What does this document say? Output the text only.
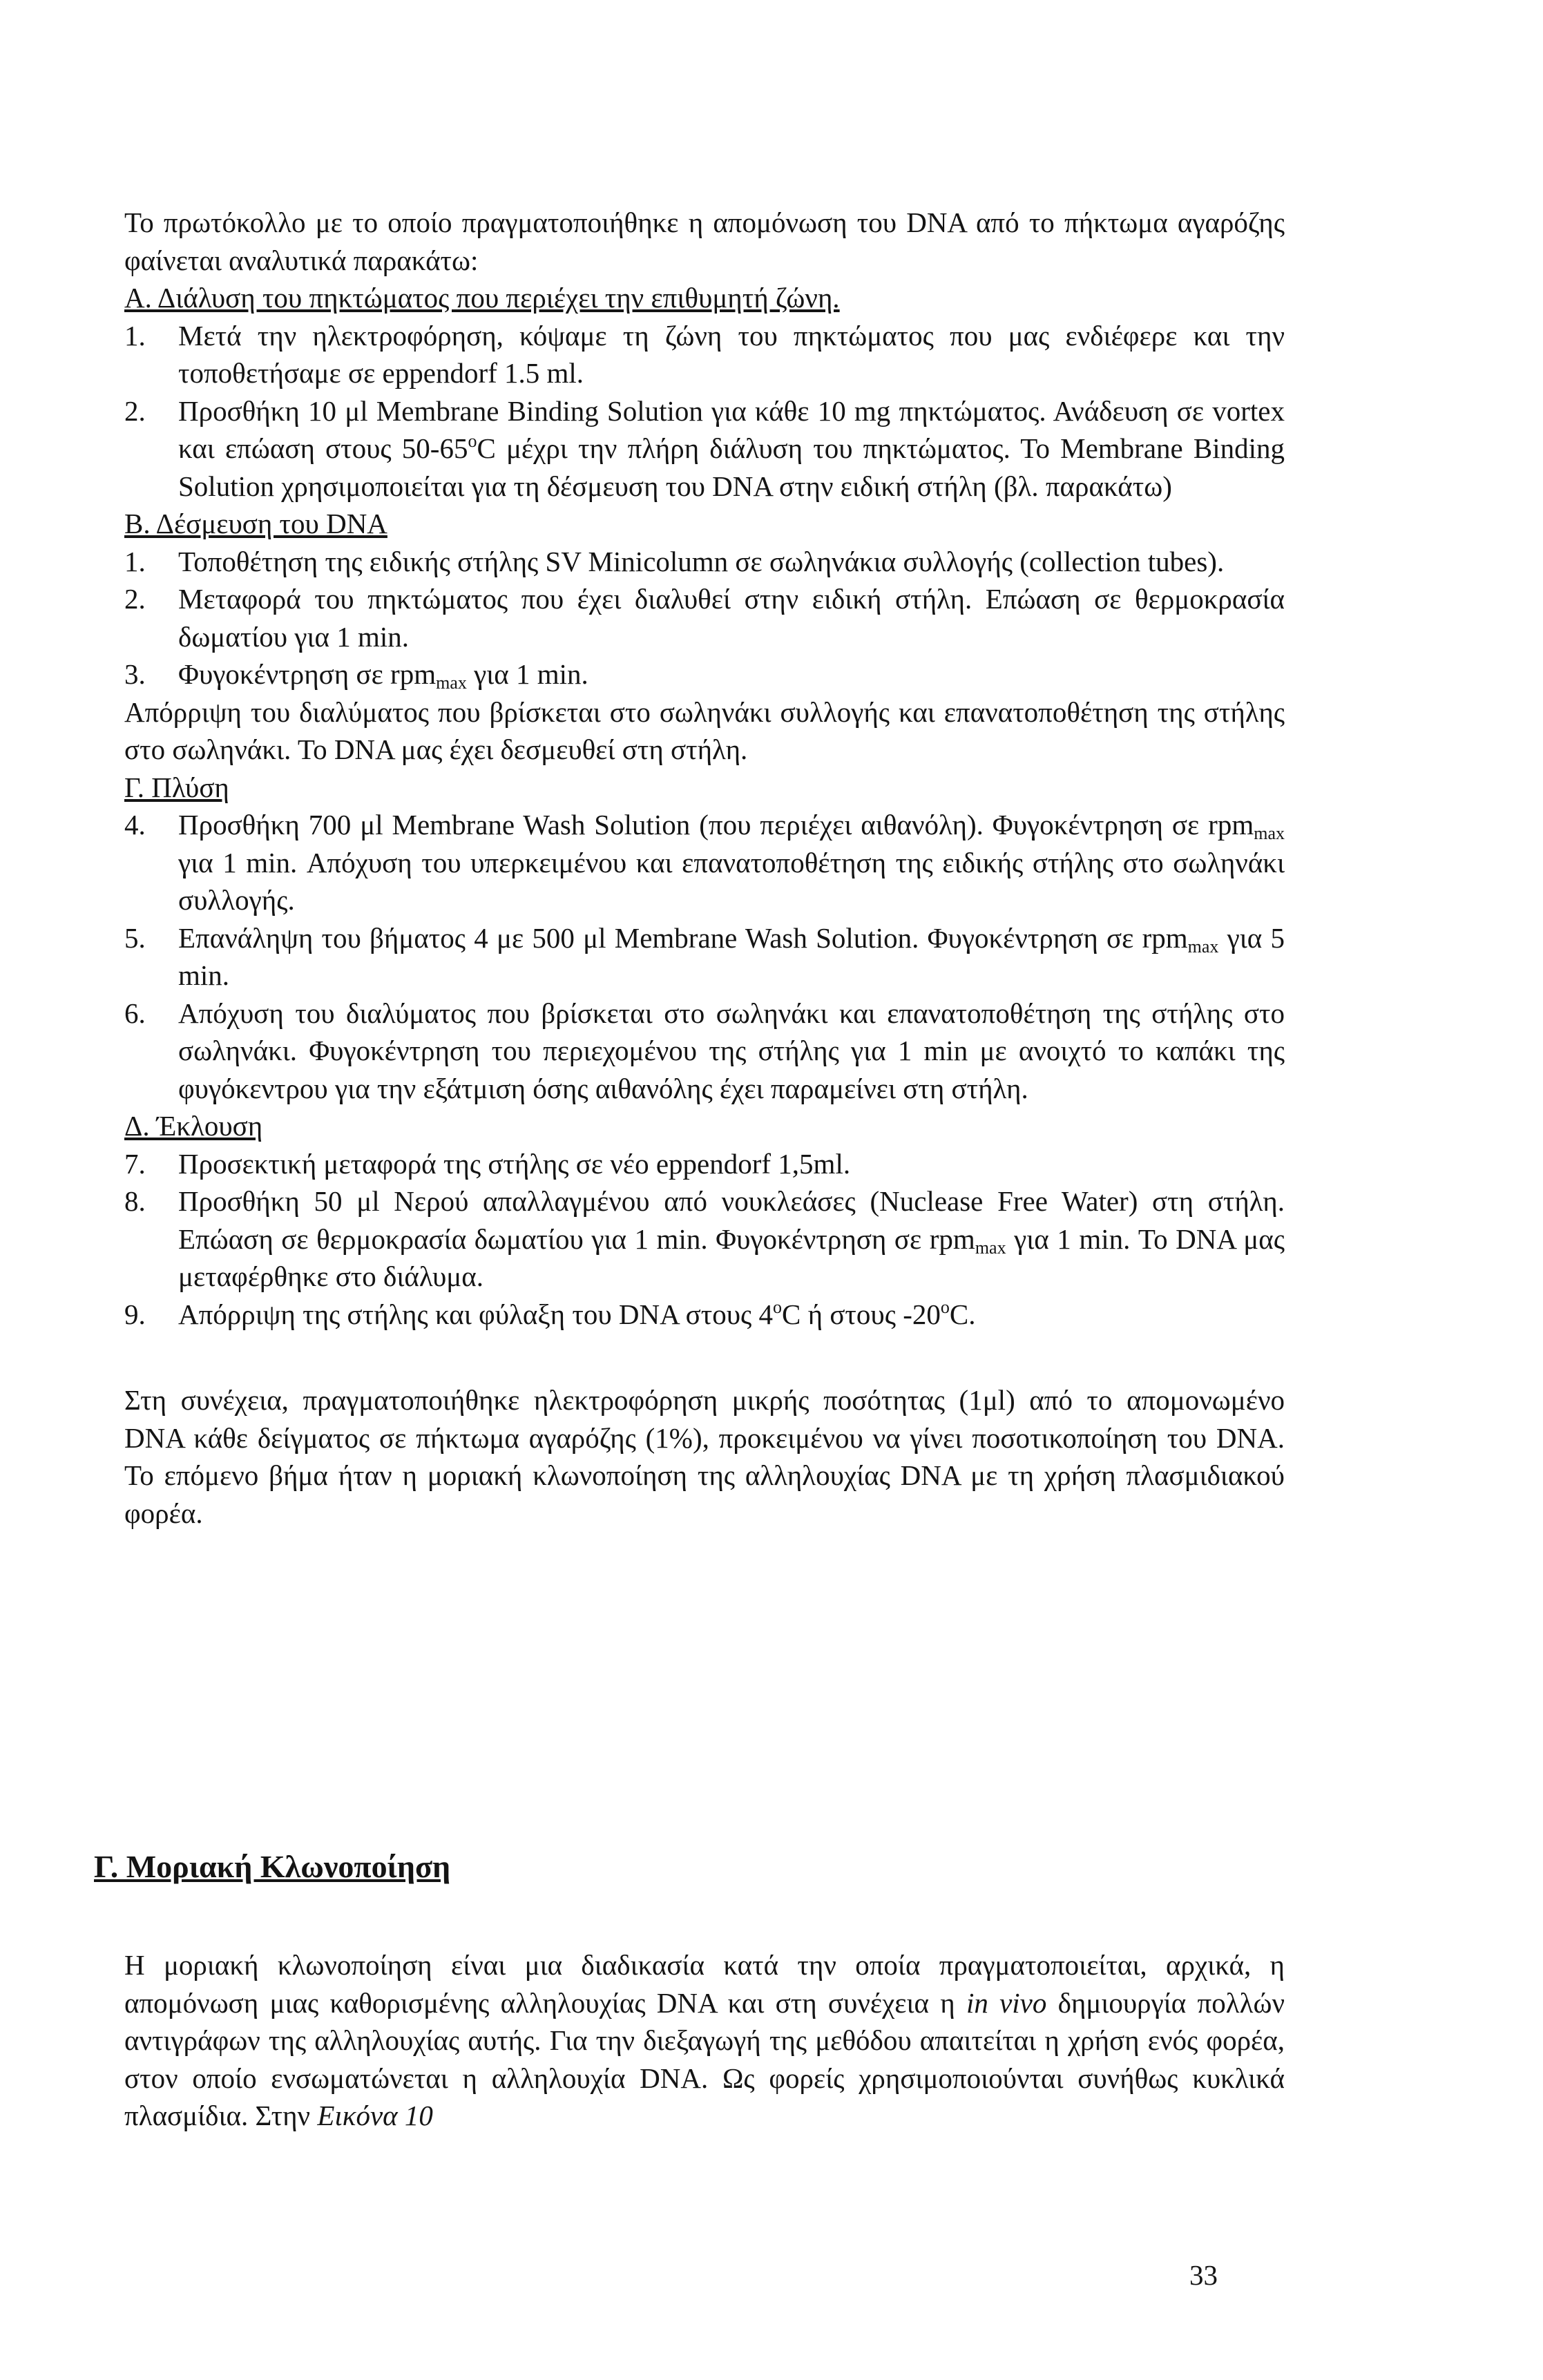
Το πρωτόκολλο με το οποίο πραγματοποιήθηκε η απομόνωση του DNA από το πήκτωμα αγαρόζης φαίνεται αναλυτικά παρακάτω:

Α. Διάλυση του πηκτώματος που περιέχει την επιθυμητή ζώνη.

1.	Μετά την ηλεκτροφόρηση, κόψαμε τη ζώνη του πηκτώματος που μας ενδιέφερε και την τοποθετήσαμε σε eppendorf 1.5 ml.
2.	Προσθήκη 10 μl Membrane Binding Solution για κάθε 10 mg πηκτώματος. Ανάδευση σε vortex και επώαση στους 50-65$^o$C μέχρι την πλήρη διάλυση του πηκτώματος. Το Membrane Binding Solution χρησιμοποιείται για τη δέσμευση του DNA στην ειδική στήλη (βλ. παρακάτω)

Β. Δέσμευση του DNA

1.	Τοποθέτηση της ειδικής στήλης SV Minicolumn σε σωληνάκια συλλογής (collection tubes).
2.	Μεταφορά του πηκτώματος που έχει διαλυθεί στην ειδική στήλη. Επώαση σε θερμοκρασία δωματίου για 1 min.
3.	Φυγοκέντρηση σε rpm$_{max}$ για 1 min.

Απόρριψη του διαλύματος που βρίσκεται στο σωληνάκι συλλογής και επανατοποθέτηση της στήλης στο σωληνάκι. Το DNA μας έχει δεσμευθεί στη στήλη.

Γ. Πλύση

4.	Προσθήκη 700 μl Membrane Wash Solution (που περιέχει αιθανόλη). Φυγοκέντρηση σε rpm$_{max}$ για 1 min. Απόχυση του υπερκειμένου και επανατοποθέτηση της ειδικής στήλης στο σωληνάκι συλλογής.
5.	Επανάληψη του βήματος 4 με 500 μl Membrane Wash Solution. Φυγοκέντρηση σε rpm$_{max}$ για 5 min.
6.	Απόχυση του διαλύματος που βρίσκεται στο σωληνάκι και επανατοποθέτηση της στήλης στο σωληνάκι. Φυγοκέντρηση του περιεχομένου της στήλης για 1 min με ανοιχτό το καπάκι της φυγόκεντρου για την εξάτμιση όσης αιθανόλης έχει παραμείνει στη στήλη.

Δ. Έκλουση

7.	Προσεκτική μεταφορά της στήλης σε νέο eppendorf 1,5ml.
8.	Προσθήκη 50 μl Νερού απαλλαγμένου από νουκλεάσες (Nuclease Free Water) στη στήλη. Επώαση σε θερμοκρασία δωματίου για 1 min. Φυγοκέντρηση σε rpm$_{max}$ για 1 min. Το DNA μας μεταφέρθηκε στο διάλυμα.
9.	Απόρριψη της στήλης και φύλαξη του DNA στους 4$^o$C ή στους -20$^o$C.
Στη συνέχεια, πραγματοποιήθηκε ηλεκτροφόρηση μικρής ποσότητας (1μl) από το απομονωμένο DNA κάθε δείγματος σε πήκτωμα αγαρόζης (1%), προκειμένου να γίνει ποσοτικοποίηση του DNA. Το επόμενο βήμα ήταν η μοριακή κλωνοποίηση της αλληλουχίας DNA με τη χρήση πλασμιδιακού φορέα.
Γ. Μοριακή Κλωνοποίηση
Η μοριακή κλωνοποίηση είναι μια διαδικασία κατά την οποία πραγματοποιείται, αρχικά, η απομόνωση μιας καθορισμένης αλληλουχίας DNA και στη συνέχεια η in vivo δημιουργία πολλών αντιγράφων της αλληλουχίας αυτής. Για την διεξαγωγή της μεθόδου απαιτείται η χρήση ενός φορέα, στον οποίο ενσωματώνεται η αλληλουχία DNA. Ως φορείς χρησιμοποιούνται συνήθως κυκλικά πλασμίδια. Στην Εικόνα 10
33
